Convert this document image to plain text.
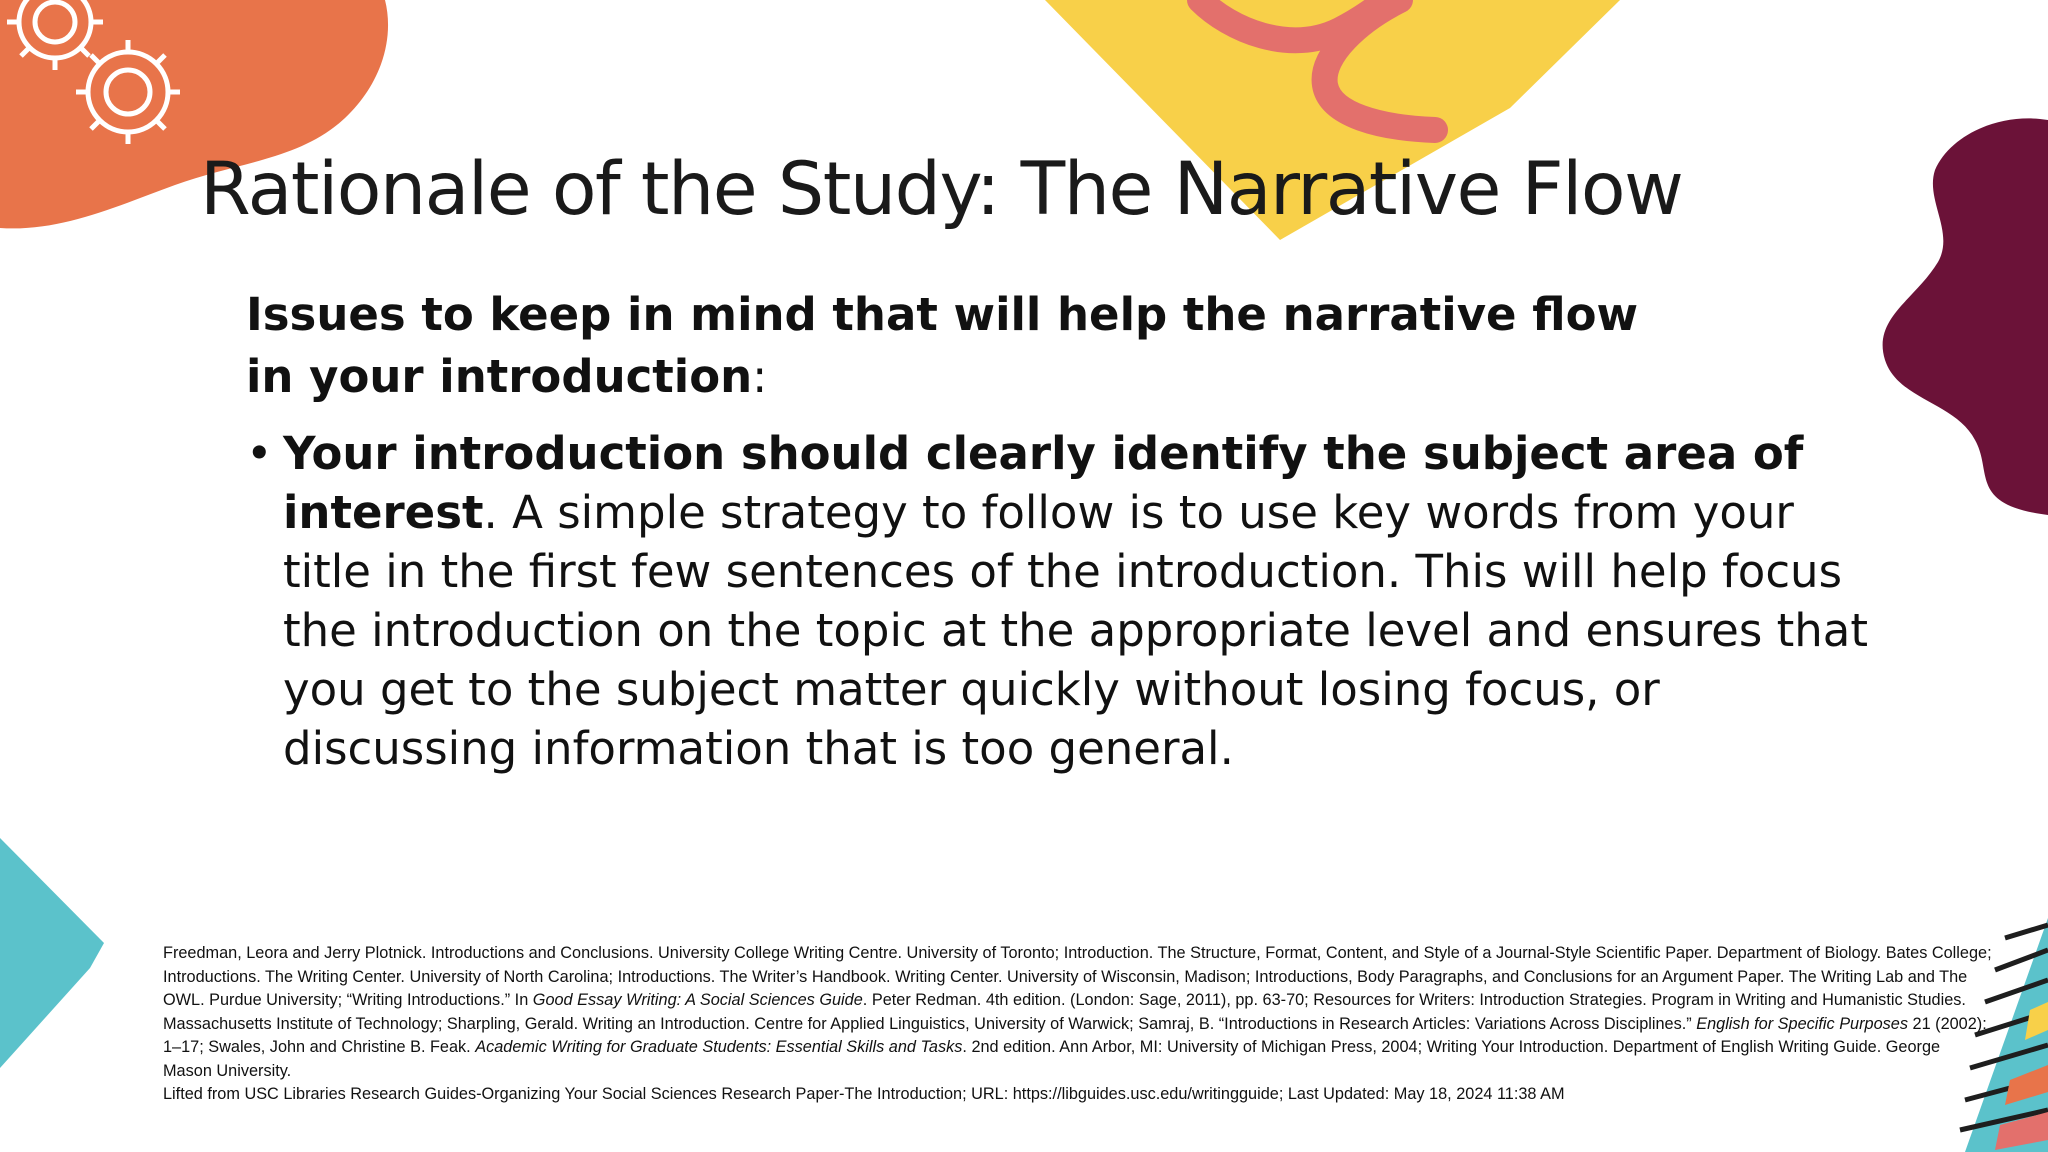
Rationale of the Study: The Narrative Flow
Issues to keep in mind that will help the narrative flow in your introduction:
• Your introduction should clearly identify the subject area of interest. A simple strategy to follow is to use key words from your title in the first few sentences of the introduction. This will help focus the introduction on the topic at the appropriate level and ensures that you get to the subject matter quickly without losing focus, or discussing information that is too general.

Freedman, Leora and Jerry Plotnick. Introductions and Conclusions. University College Writing Centre. University of Toronto; Introduction. The Structure, Format, Content, and Style of a Journal-Style Scientific Paper. Department of Biology. Bates College; Introductions. The Writing Center. University of North Carolina; Introductions. The Writer’s Handbook. Writing Center. University of Wisconsin, Madison; Introductions, Body Paragraphs, and Conclusions for an Argument Paper. The Writing Lab and The OWL. Purdue University; “Writing Introductions.” In Good Essay Writing: A Social Sciences Guide. Peter Redman. 4th edition. (London: Sage, 2011), pp. 63-70; Resources for Writers: Introduction Strategies. Program in Writing and Humanistic Studies. Massachusetts Institute of Technology; Sharpling, Gerald. Writing an Introduction. Centre for Applied Linguistics, University of Warwick; Samraj, B. “Introductions in Research Articles: Variations Across Disciplines.” English for Specific Purposes 21 (2002): 1–17; Swales, John and Christine B. Feak. Academic Writing for Graduate Students: Essential Skills and Tasks. 2nd edition. Ann Arbor, MI: University of Michigan Press, 2004; Writing Your Introduction. Department of English Writing Guide. George Mason University.

Lifted from USC Libraries Research Guides-Organizing Your Social Sciences Research Paper-The Introduction; URL: https://libguides.usc.edu/writingguide; Last Updated: May 18, 2024 11:38 AM
